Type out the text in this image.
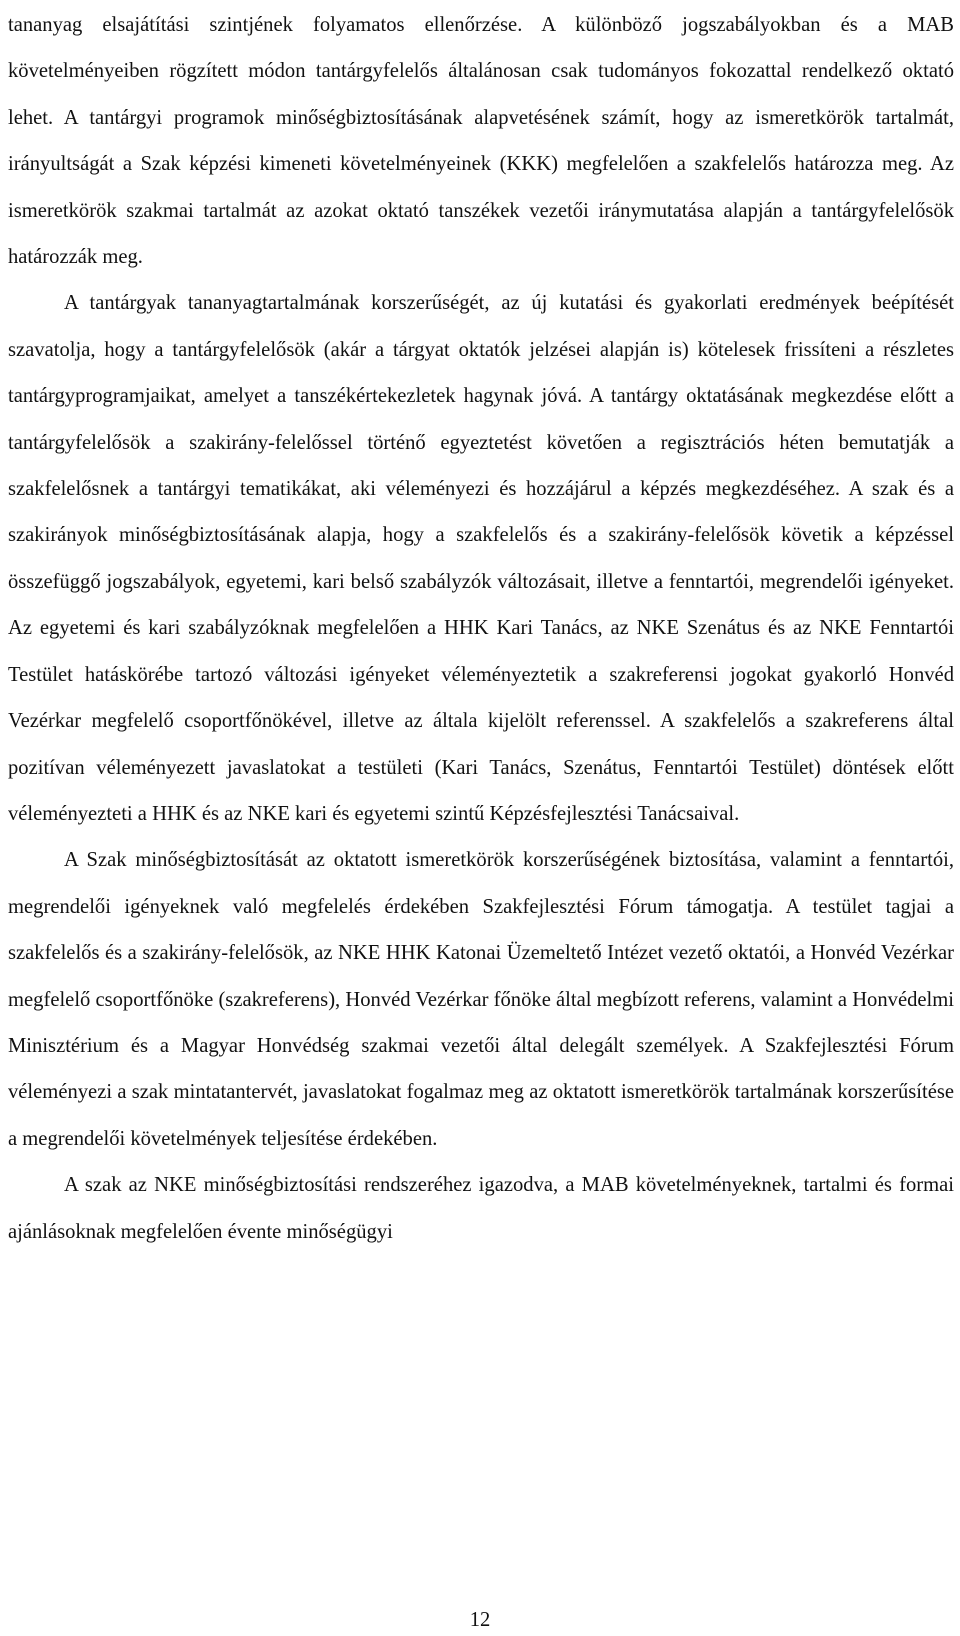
tananyag elsajátítási szintjének folyamatos ellenőrzése. A különböző jogszabályokban és a MAB követelményeiben rögzített módon tantárgyfelelős általánosan csak tudományos fokozattal rendelkező oktató lehet. A tantárgyi programok minőségbiztosításának alapvetésének számít, hogy az ismeretkörök tartalmát, irányultságát a Szak képzési kimeneti követelményeinek (KKK) megfelelően a szakfelelős határozza meg. Az ismeretkörök szakmai tartalmát az azokat oktató tanszékek vezetői iránymutatása alapján a tantárgyfelelősök határozzák meg.

A tantárgyak tananyagtartalmának korszerűségét, az új kutatási és gyakorlati eredmények beépítését szavatolja, hogy a tantárgyfelelősök (akár a tárgyat oktatók jelzései alapján is) kötelesek frissíteni a részletes tantárgyprogramjaikat, amelyet a tanszékértekezletek hagynak jóvá. A tantárgy oktatásának megkezdése előtt a tantárgyfelelősök a szakirány-felelőssel történő egyeztetést követően a regisztrációs héten bemutatják a szakfelelősnek a tantárgyi tematikákat, aki véleményezi és hozzájárul a képzés megkezdéséhez. A szak és a szakirányok minőségbiztosításának alapja, hogy a szakfelelős és a szakirány-felelősök követik a képzéssel összefüggő jogszabályok, egyetemi, kari belső szabályzók változásait, illetve a fenntartói, megrendelői igényeket. Az egyetemi és kari szabályzóknak megfelelően a HHK Kari Tanács, az NKE Szenátus és az NKE Fenntartói Testület hatáskörébe tartozó változási igényeket véleményeztetik a szakreferensi jogokat gyakorló Honvéd Vezérkar megfelelő csoportfőnökével, illetve az általa kijelölt referenssel. A szakfelelős a szakreferens által pozitívan véleményezett javaslatokat a testületi (Kari Tanács, Szenátus, Fenntartói Testület) döntések előtt véleményezteti a HHK és az NKE kari és egyetemi szintű Képzésfejlesztési Tanácsaival.

A Szak minőségbiztosítását az oktatott ismeretkörök korszerűségének biztosítása, valamint a fenntartói, megrendelői igényeknek való megfelelés érdekében Szakfejlesztési Fórum támogatja. A testület tagjai a szakfelelős és a szakirány-felelősök, az NKE HHK Katonai Üzemeltető Intézet vezető oktatói, a Honvéd Vezérkar megfelelő csoportfőnöke (szakreferens), Honvéd Vezérkar főnöke által megbízott referens, valamint a Honvédelmi Minisztérium és a Magyar Honvédség szakmai vezetői által delegált személyek. A Szakfejlesztési Fórum véleményezi a szak mintatantervét, javaslatokat fogalmaz meg az oktatott ismeretkörök tartalmának korszerűsítése a megrendelői követelmények teljesítése érdekében.

A szak az NKE minőségbiztosítási rendszeréhez igazodva, a MAB követelményeknek, tartalmi és formai ajánlásoknak megfelelően évente minőségügyi

12
